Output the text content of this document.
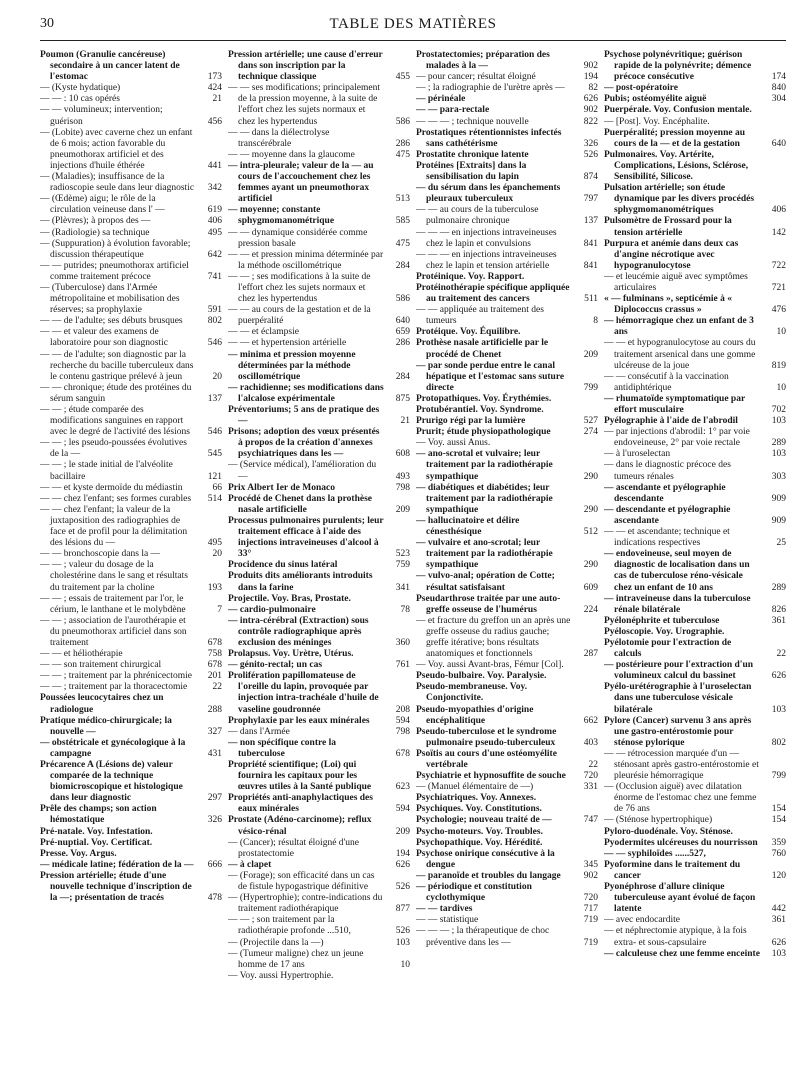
30	TABLE DES MATIÈRES
Poumon (Granulie cancéreuse) secondaire à un cancer latent de l'estomac	173
— (Kyste hydatique)	424
— — : 10 cas opérés	21
— — volumineux; intervention; guérison	456
— (Lobite) avec caverne chez un enfant de 6 mois; action favorable du pneumothorax artificiel et des injections d'huile éthérée	441
— (Maladies); insuffisance de la radioscopie seule dans leur diagnostic	342
— (Œdème) aigu; le rôle de la circulation veineuse dans l' —	619
— (Plèvres); à propos des —	406
— (Radiologie) sa technique	495
— (Suppuration) à évolution favorable; discussion thérapeutique	642
— — putrides; pneumothorax artificiel comme traitement précoce	741
— (Tuberculose) dans l'Armée métropolitaine et mobilisation des réserves; sa prophylaxie	591
— — de l'adulte; ses débuts brusques	802
— — et valeur des examens de laboratoire pour son diagnostic	546
— — de l'adulte; son diagnostic par la recherche du bacille tuberculeux dans le contenu gastrique prélevé à jeun	20
— — chronique; étude des protéines du sérum sanguin	137
— — ; étude comparée des modifications sanguines en rapport avec le degré de l'activité des lésions	546
— — ; les pseudo-poussées évolutives de la —	545
— — ; le stade initial de l'alvéolite bacillaire	121
— — et kyste dermoïde du médiastin	66
— — chez l'enfant; ses formes curables	514
— — chez l'enfant; la valeur de la juxtaposition des radiographies de face et de profil pour la délimitation des lésions du —	495
— — bronchoscopie dans la —	20
— — ; valeur du dosage de la cholestérine dans le sang et résultats du traitement par la choline	193
— — ; essais de traitement par l'or, le cérium, le lanthane et le molybdène	7
— — ; association de l'aurothérapie et du pneumothorax artificiel dans son traitement	678
— — et héliothérapie	758
— — son traitement chirurgical	678
— — ; traitement par la phrénicectomie	201
— — ; traitement par la thoracectomie	22
Poussées leucocytaires chez un radiologue	288
Pratique médico-chirurgicale; la nouvelle —	327
— obstétricale et gynécologique à la campagne	431
Précarence A (Lésions de) valeur comparée de la technique biomicroscopique et histologique dans leur diagnostic	297
Prêle des champs; son action hémostatique	326
Pré-natale. Voy. Infestation.
Pré-nuptial. Voy. Certificat.
Presse. Voy. Argus.
— médicale latine; fédération de la —	666
Pression artérielle; étude d'une nouvelle technique d'inscription de la —; présentation de tracés	478
Pression artérielle; une cause d'erreur dans son inscription par la technique classique	455
— — ses modifications; principalement de la pression moyenne, à la suite de l'effort chez les sujets normaux et chez les hypertendus	586
— — dans la diélectrolyse transcérébrale	286
— — moyenne dans la glaucome	475
— intra-pleurale; valeur de la — au cours de l'accouchement chez les femmes ayant un pneumothorax artificiel	513
— moyenne; constante sphygmomanométrique	585
— — dynamique considérée comme pression basale	475
— — et pression minima déterminée par la méthode oscillométrique	284
— — ; ses modifications à la suite de l'effort chez les sujets normaux et chez les hypertendus	586
— — au cours de la gestation et de la puerpéralité	640
— — et éclampsie	659
— — et hypertension artérielle	286
— minima et pression moyenne déterminées par la méthode oscillométrique	284
— rachidienne; ses modifications dans l'alcalose expérimentale	875
Préventoriums; 5 ans de pratique des —	21
Prisons; adoption des vœux présentés à propos de la création d'annexes psychiatriques dans les —	608
— (Service médical), l'amélioration du —	493
Prix Albert Ier de Monaco	798
Procédé de Chenet dans la prothèse nasale artificielle	209
Processus pulmonaires purulents; leur traitement efficace à l'aide des injections intraveineuses d'alcool à 33°	523
Procidence du sinus latéral	759
Produits dits améliorants introduits dans la farine	341
Projectile. Voy. Bras, Prostate.
— cardio-pulmonaire	78
— intra-cérébral (Extraction) sous contrôle radiographique après exclusion des méninges	360
Prolapsus. Voy. Urètre, Utérus.
— génito-rectal; un cas	761
Prolifération papillomateuse de l'oreille du lapin, provoquée par injection intra-trachéale d'huile de vaseline goudronnée	208
Prophylaxie par les eaux minérales	594
— dans l'Armée	798
— non spécifique contre la tuberculose	678
Propriété scientifique; (Loi) qui fournira les capitaux pour les œuvres utiles à la Santé publique	623
Propriétés anti-anaphylactiques des eaux minérales	594
Prostate (Adéno-carcinome); reflux vésico-rénal	209
— (Cancer); résultat éloigné d'une prostatectomie	194
— à clapet	626
— (Forage); son efficacité dans un cas de fistule hypogastrique définitive	526
— (Hypertrophie); contre-indications du traitement radiothérapique	877
— — ; son traitement par la radiothérapie profonde ...510,	526
— (Projectile dans la —)	103
— (Tumeur maligne) chez un jeune homme de 17 ans	10
— Voy. aussi Hypertrophie.
Prostatectomies; préparation des malades à la —	902
— pour cancer; résultat éloigné	194
— ; la radiographie de l'urètre après —	82
— périnéale	626
— — para-rectale	902
— — — ; technique nouvelle	822
Prostatiques rétentionnistes infectés sans cathétérisme	326
Prostatite chronique latente	526
Protéines [Extraits] dans la sensibilisation du lapin	874
— du sérum dans les épanchements pleuraux tuberculeux	797
— — au cours de la tuberculose pulmonaire chronique	137
— — — en injections intraveineuses chez le lapin et convulsions	841
— — — en injections intraveineuses chez le lapin et tension artérielle	841
Protéinique. Voy. Rapport.
Protéinothérapie spécifique appliquée au traitement des cancers	511
— — appliquée au traitement des tumeurs	8
Protéique. Voy. Équilibre.
Prothèse nasale artificielle par le procédé de Chenet	209
— par sonde perdue entre le canal hépatique et l'estomac sans suture directe	799
Protopathiques. Voy. Érythémies.
Protubérantiel. Voy. Syndrome.
Prurigo régi par la lumière	527
Prurit; étude physiopathologique	274
— Voy. aussi Anus.
— ano-scrotal et vulvaire; leur traitement par la radiothérapie sympathique	290
— diabétiques et diabétides; leur traitement par la radiothérapie sympathique	290
— hallucinatoire et délire cénesthésique	512
— vulvaire et ano-scrotal; leur traitement par la radiothérapie sympathique	290
— vulvo-anal; opération de Cotte; résultat satisfaisant	609
Pseudarthrose traitée par une auto-greffe osseuse de l'humérus	224
— et fracture du greffon un an après une greffe osseuse du radius gauche; greffe itérative; bons résultats anatomiques et fonctionnels	287
— Voy. aussi Avant-bras, Fémur [Col].
Pseudo-bulbaire. Voy. Paralysie.
Pseudo-membraneuse. Voy. Conjonctivite.
Pseudo-myopathies d'origine encéphalitique	662
Pseudo-tuberculose et le syndrome pulmonaire pseudo-tuberculeux	403
Psoïtis au cours d'une ostéomyélite vertébrale	22
Psychiatrie et hypnosuffite de souche	720
— (Manuel élémentaire de —)	331
Psychiatriques. Voy. Annexes.
Psychiques. Voy. Constitutions.
Psychologie; nouveau traité de —	747
Psycho-moteurs. Voy. Troubles.
Psychopathique. Voy. Hérédité.
Psychose onirique consécutive à la dengue	345
— paranoïde et troubles du langage	902
— périodique et constitution cyclothymique	720
— — tardives	717
— — statistique	719
— — — ; la thérapeutique de choc préventive dans les —	719
Psychose polynévritique; guérison rapide de la polynévrite; démence précoce consécutive	174
— post-opératoire	840
Pubis; ostéomyélite aiguë	304
Puerpérale. Voy. Confusion mentale.
— [Post]. Voy. Encéphalite.
Puerpéralité; pression moyenne au cours de la — et de la gestation	640
Pulmonaires. Voy. Artérite, Complications, Lésions, Sclérose, Sensibilité, Silicose.
Pulsation artérielle; son étude dynamique par les divers procédés sphygmomanométriques	406
Pulsomètre de Frossard pour la tension artérielle	142
Purpura et anémie dans deux cas d'angine nécrotique avec hypogranulocytose	722
— et leucémie aiguë avec symptômes articulaires	721
« — fulminans », septicémie à « Diplococcus crassus »	476
— hémorragique chez un enfant de 3 ans	10
— — et hypogranulocytose au cours du traitement arsenical dans une gomme ulcéreuse de la joue	819
— — consécutif à la vaccination antidiphtérique	10
— rhumatoïde symptomatique par effort musculaire	702
Pyélographie à l'aide de l'abrodil	103
— par injections d'abrodil: 1° par voie endoveineuse, 2° par voie rectale	289
— à l'uroselectan	103
— dans le diagnostic précoce des tumeurs rénales	303
— ascendante et pyélographie descendante	909
— descendante et pyélographie ascendante	909
— — et ascendante; technique et indications respectives	25
— endoveineuse, seul moyen de diagnostic de localisation dans un cas de tuberculose réno-vésicale chez un enfant de 10 ans	289
— intraveineuse dans la tuberculose rénale bilatérale	826
Pyélonéphrite et tuberculose	361
Pyéloscopie. Voy. Urographie.
Pyélotomie pour l'extraction de calculs	22
— postérieure pour l'extraction d'un volumineux calcul du bassinet	626
Pyélo-urétérographie à l'uroselectan dans une tuberculose vésicale bilatérale	103
Pylore (Cancer) survenu 3 ans après une gastro-entérostomie pour sténose pylorique	802
— — rétrocession marquée d'un — sténosant après gastro-entérostomie et pleurésie hémorragique	799
— (Occlusion aiguë) avec dilatation énorme de l'estomac chez une femme de 76 ans	154
— (Sténose hypertrophique)	154
Pyloro-duodénale. Voy. Sténose.
Pyodermites ulcéreuses du nourrisson	359
— — syphiloïdes ......527,	760
Pyoformine dans le traitement du cancer	120
Pyonéphrose d'allure clinique tuberculeuse ayant évolué de façon latente	442
— avec endocardite	361
— et néphrectomie atypique, à la fois extra- et sous-capsulaire	626
— calculeuse chez une femme enceinte	103
